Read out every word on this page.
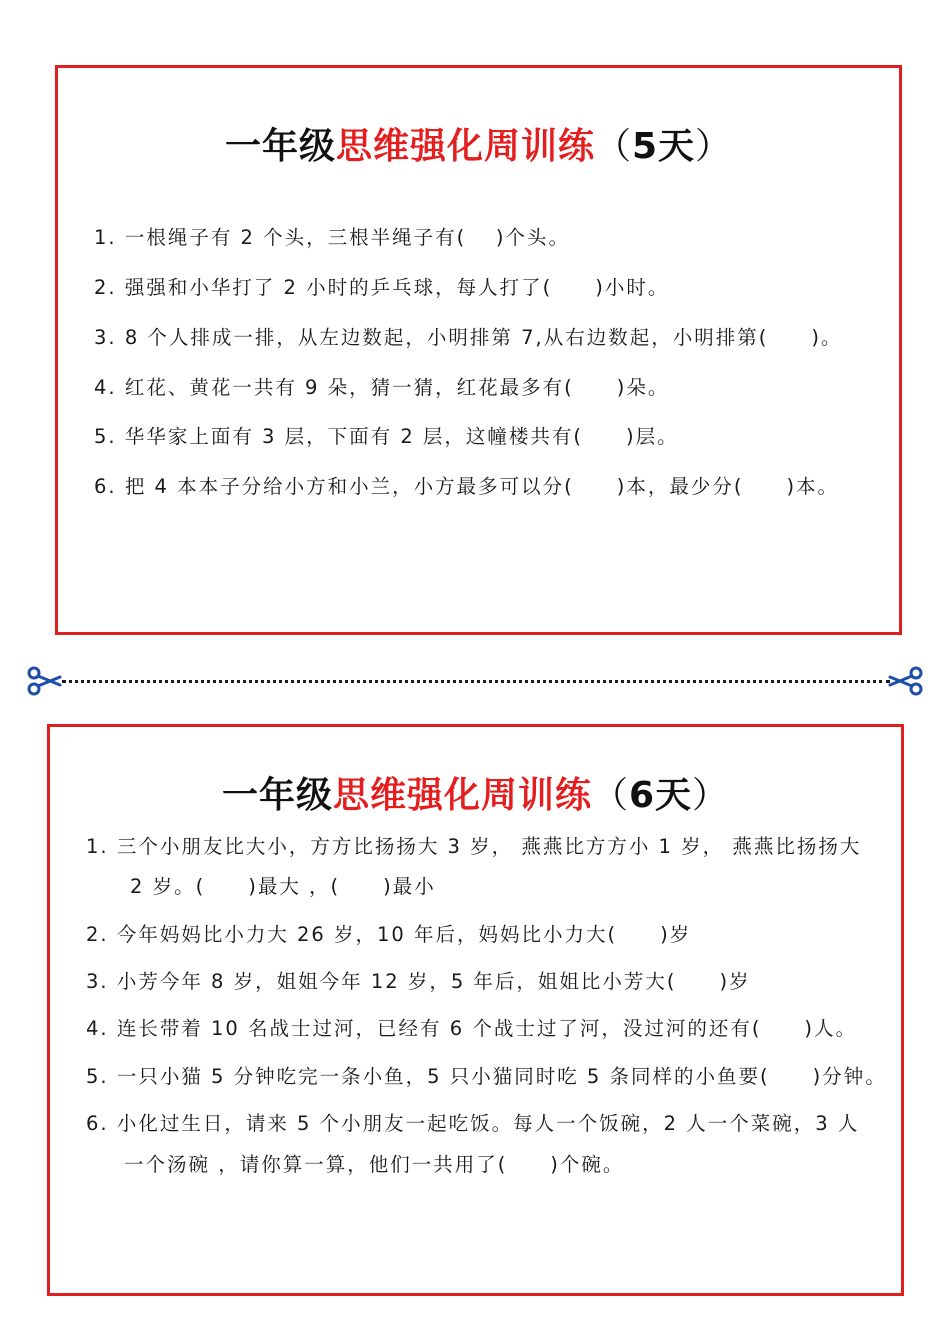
一年级思维强化周训练（5天）
1. 一根绳子有 2 个头，三根半绳子有(　 )个头。
2. 强强和小华打了 2 小时的乒乓球，每人打了(　　)小时。
3. 8 个人排成一排，从左边数起，小明排第 7,从右边数起，小明排第(　　)。
4. 红花、黄花一共有 9 朵，猜一猜，红花最多有(　　)朵。
5. 华华家上面有 3 层，下面有 2 层，这幢楼共有(　　)层。
6. 把 4 本本子分给小方和小兰，小方最多可以分(　　)本，最少分(　　)本。
一年级思维强化周训练（6天）
1. 三个小朋友比大小，方方比扬扬大 3 岁， 燕燕比方方小 1 岁， 燕燕比扬扬大
2 岁。(　　)最大 ，(　　)最小
2. 今年妈妈比小力大 26 岁，10 年后，妈妈比小力大(　　)岁
3. 小芳今年 8 岁，姐姐今年 12 岁，5 年后，姐姐比小芳大(　　)岁
4. 连长带着 10 名战士过河，已经有 6 个战士过了河，没过河的还有(　　)人。
5. 一只小猫 5 分钟吃完一条小鱼，5 只小猫同时吃 5 条同样的小鱼要(　　)分钟。
6. 小化过生日，请来 5 个小朋友一起吃饭。每人一个饭碗，2 人一个菜碗，3 人
一个汤碗 ，请你算一算，他们一共用了(　　)个碗。
